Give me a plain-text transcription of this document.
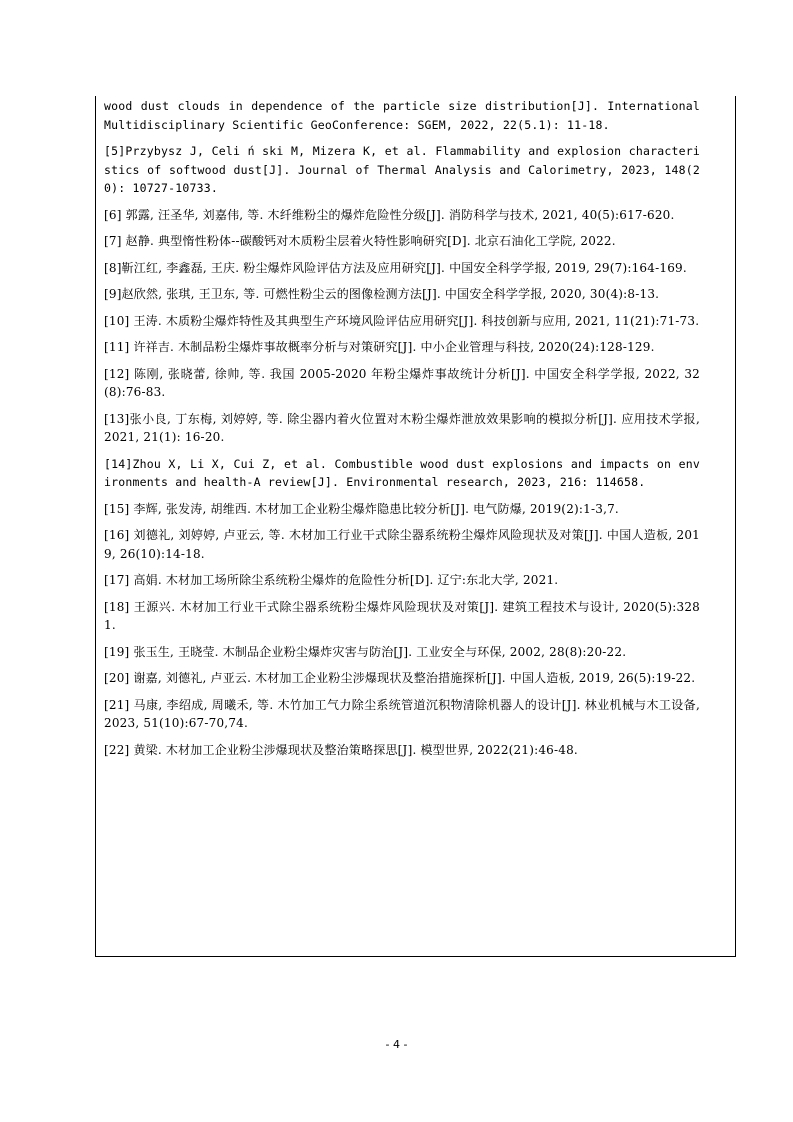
wood dust clouds in dependence of the particle size distribution[J]. International Multidisciplinary Scientific GeoConference: SGEM, 2022, 22(5.1): 11-18.

[5]Przybysz J, Celi ń ski M, Mizera K, et al. Flammability and explosion characteristics of softwood dust[J]. Journal of Thermal Analysis and Calorimetry, 2023, 148(20): 10727-10733.

[6] 郭露, 汪圣华, 刘嘉伟, 等. 木纤维粉尘的爆炸危险性分级[J]. 消防科学与技术, 2021, 40(5):617-620.

[7] 赵静. 典型惰性粉体--碳酸钙对木质粉尘层着火特性影响研究[D]. 北京石油化工学院, 2022.

[8]靳江红, 李鑫磊, 王庆. 粉尘爆炸风险评估方法及应用研究[J]. 中国安全科学学报, 2019, 29(7):164-169.

[9]赵欣然, 张琪, 王卫东, 等. 可燃性粉尘云的图像检测方法[J]. 中国安全科学学报, 2020, 30(4):8-13.

[10] 王涛. 木质粉尘爆炸特性及其典型生产环境风险评估应用研究[J]. 科技创新与应用, 2021, 11(21):71-73.

[11] 许祥吉. 木制品粉尘爆炸事故概率分析与对策研究[J]. 中小企业管理与科技, 2020(24):128-129.

[12] 陈刚, 张晓蕾, 徐帅, 等. 我国 2005-2020 年粉尘爆炸事故统计分析[J]. 中国安全科学学报, 2022, 32(8):76-83.

[13]张小良, 丁东梅, 刘婷婷, 等. 除尘器内着火位置对木粉尘爆炸泄放效果影响的模拟分析[J]. 应用技术学报, 2021, 21(1): 16-20.

[14]Zhou X, Li X, Cui Z, et al. Combustible wood dust explosions and impacts on environments and health-A review[J]. Environmental research, 2023, 216: 114658.

[15] 李辉, 张发涛, 胡维西. 木材加工企业粉尘爆炸隐患比较分析[J]. 电气防爆, 2019(2):1-3,7.

[16] 刘德礼, 刘婷婷, 卢亚云, 等. 木材加工行业干式除尘器系统粉尘爆炸风险现状及对策[J]. 中国人造板, 2019, 26(10):14-18.

[17] 高娟. 木材加工场所除尘系统粉尘爆炸的危险性分析[D]. 辽宁:东北大学, 2021.

[18] 王源兴. 木材加工行业干式除尘器系统粉尘爆炸风险现状及对策[J]. 建筑工程技术与设计, 2020(5):3281.

[19] 张玉生, 王晓莹. 木制品企业粉尘爆炸灾害与防治[J]. 工业安全与环保, 2002, 28(8):20-22.

[20] 谢嘉, 刘德礼, 卢亚云. 木材加工企业粉尘涉爆现状及整治措施探析[J]. 中国人造板, 2019, 26(5):19-22.

[21] 马康, 李绍成, 周曦禾, 等. 木竹加工气力除尘系统管道沉积物清除机器人的设计[J]. 林业机械与木工设备, 2023, 51(10):67-70,74.

[22] 黄梁. 木材加工企业粉尘涉爆现状及整治策略探思[J]. 模型世界, 2022(21):46-48.

- 4 -
